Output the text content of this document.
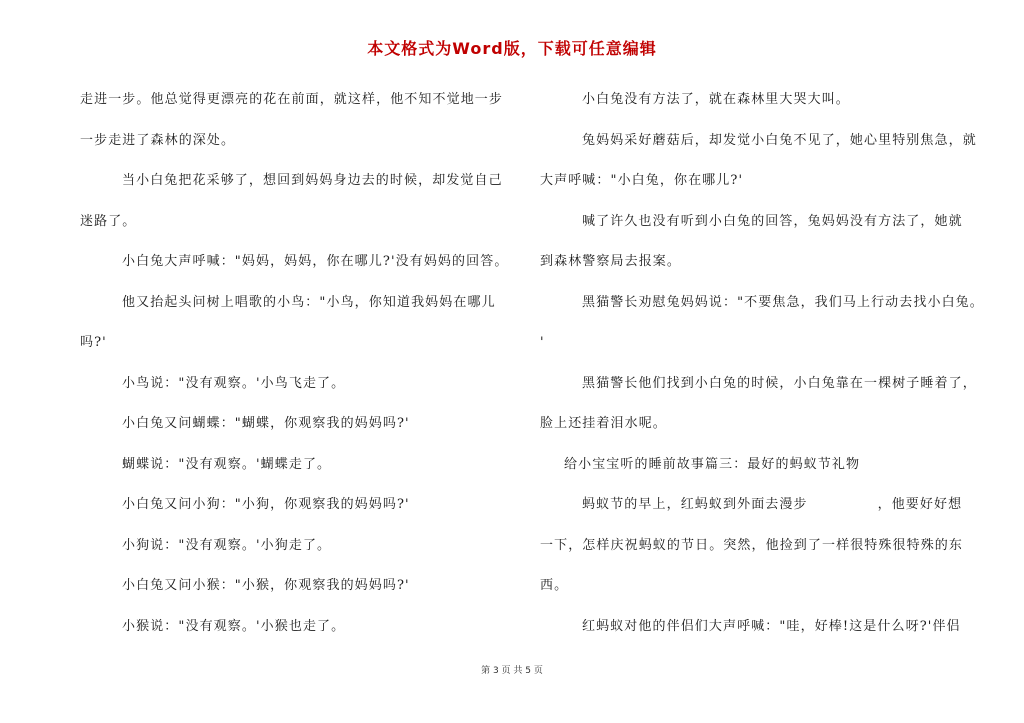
本文格式为Word版，下载可任意编辑
走进一步。他总觉得更漂亮的花在前面，就这样，他不知不觉地一步
一步走进了森林的深处。
当小白兔把花采够了，想回到妈妈身边去的时候，却发觉自己
迷路了。
小白兔大声呼喊："妈妈，妈妈，你在哪儿?'没有妈妈的回答。
他又抬起头问树上唱歌的小鸟："小鸟，你知道我妈妈在哪儿
吗?'
小鸟说："没有观察。'小鸟飞走了。
小白兔又问蝴蝶："蝴蝶，你观察我的妈妈吗?'
蝴蝶说："没有观察。'蝴蝶走了。
小白兔又问小狗："小狗，你观察我的妈妈吗?'
小狗说："没有观察。'小狗走了。
小白兔又问小猴："小猴，你观察我的妈妈吗?'
小猴说："没有观察。'小猴也走了。
小白兔没有方法了，就在森林里大哭大叫。
兔妈妈采好蘑菇后，却发觉小白兔不见了，她心里特别焦急，就
大声呼喊："小白兔，你在哪儿?'
喊了许久也没有听到小白兔的回答，兔妈妈没有方法了，她就
到森林警察局去报案。
黑猫警长劝慰兔妈妈说："不要焦急，我们马上行动去找小白兔。
'
黑猫警长他们找到小白兔的时候，小白兔靠在一棵树子睡着了，
脸上还挂着泪水呢。
给小宝宝听的睡前故事篇三：最好的蚂蚁节礼物
蚂蚁节的早上，红蚂蚁到外面去漫步	，他要好好想
一下，怎样庆祝蚂蚁的节日。突然，他捡到了一样很特殊很特殊的东
西。
红蚂蚁对他的伴侣们大声呼喊："哇，好棒!这是什么呀?'伴侣
第 3 页 共 5 页
